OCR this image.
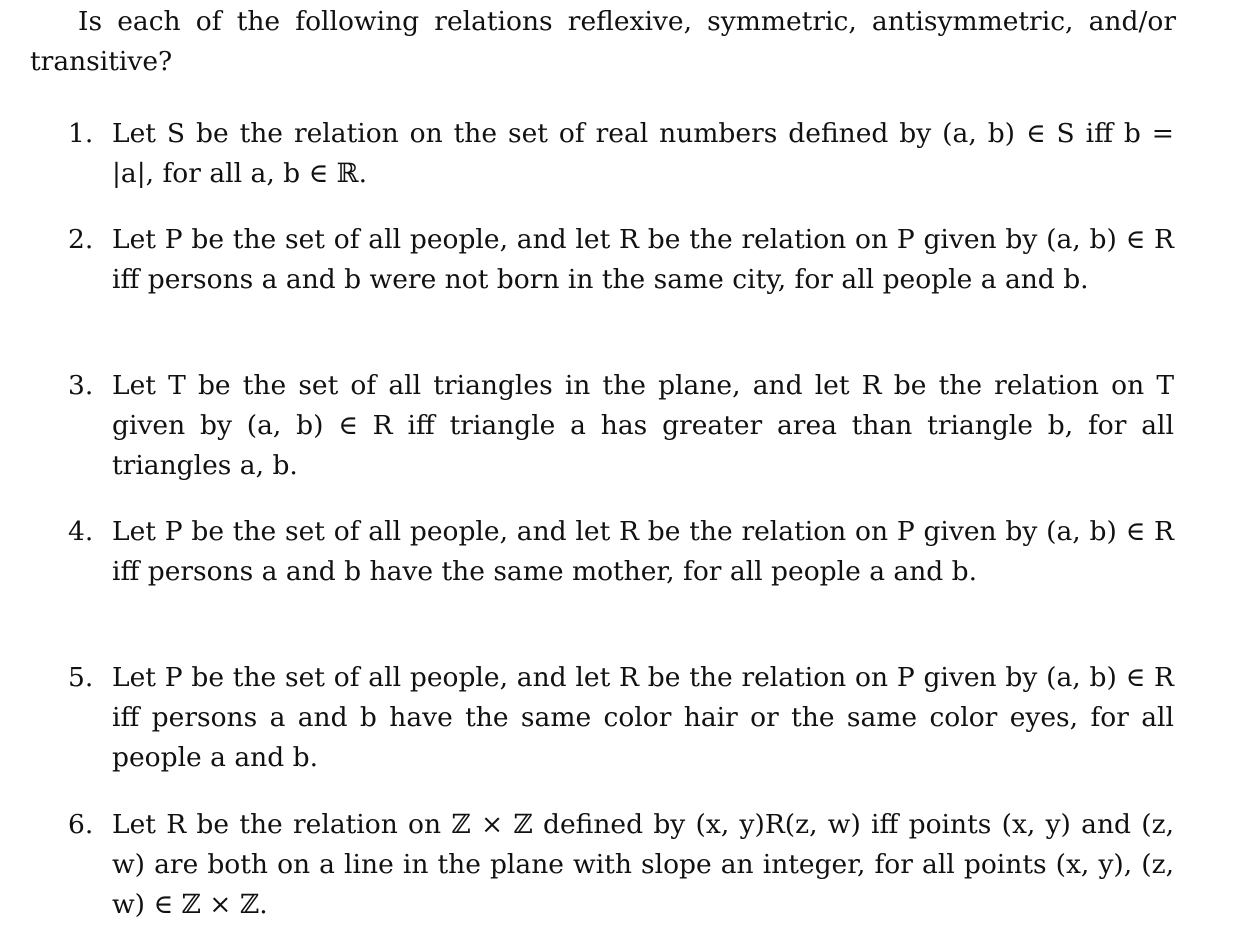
Is each of the following relations reflexive, symmetric, antisymmetric, and/or transitive?
1. Let S be the relation on the set of real numbers defined by (a, b) ∈ S iff b = |a|, for all a, b ∈ ℝ.
2. Let P be the set of all people, and let R be the relation on P given by (a, b) ∈ R iff persons a and b were not born in the same city, for all people a and b.
3. Let T be the set of all triangles in the plane, and let R be the relation on T given by (a, b) ∈ R iff triangle a has greater area than triangle b, for all triangles a, b.
4. Let P be the set of all people, and let R be the relation on P given by (a, b) ∈ R iff persons a and b have the same mother, for all people a and b.
5. Let P be the set of all people, and let R be the relation on P given by (a, b) ∈ R iff persons a and b have the same color hair or the same color eyes, for all people a and b.
6. Let R be the relation on ℤ × ℤ defined by (x, y)R(z, w) iff points (x, y) and (z, w) are both on a line in the plane with slope an integer, for all points (x, y), (z, w) ∈ ℤ × ℤ.
